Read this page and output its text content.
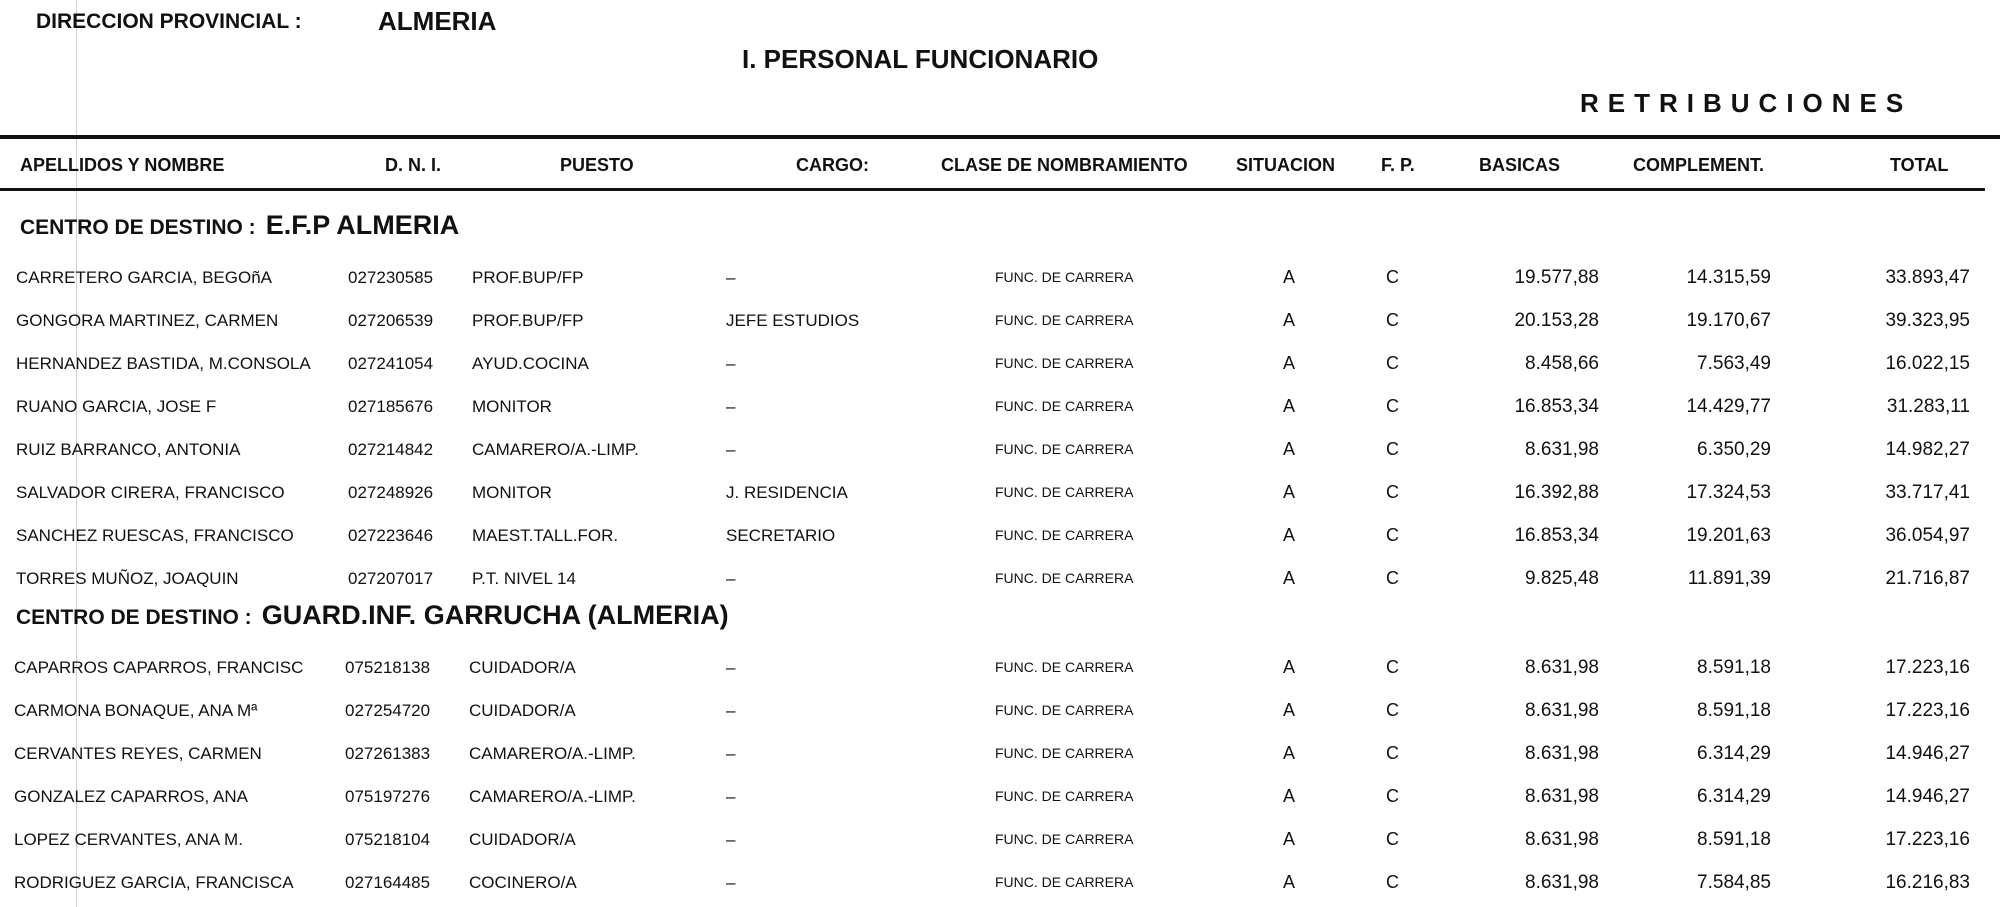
DIRECCION PROVINCIAL :	ALMERIA
I. PERSONAL FUNCIONARIO
RETRIBUCIONES
APELLIDOS Y NOMBRE	D. N. I.	PUESTO	CARGO:	CLASE DE NOMBRAMIENTO	SITUACION	F. P.	BASICAS	COMPLEMENT.	TOTAL
CENTRO DE DESTINO : E.F.P ALMERIA
CARRETERO GARCIA, BEGOñA	027230585 PROF.BUP/FP	–	FUNC. DE CARRERA	A	C	19.577,88	14.315,59	33.893,47
GONGORA MARTINEZ, CARMEN	027206539 PROF.BUP/FP	JEFE ESTUDIOS	FUNC. DE CARRERA	A	C	20.153,28	19.170,67	39.323,95
HERNANDEZ BASTIDA, M.CONSOLA 027241054 AYUD.COCINA	–	FUNC. DE CARRERA	A	C	8.458,66	7.563,49	16.022,15
RUANO GARCIA, JOSE F	027185676 MONITOR	–	FUNC. DE CARRERA	A	C	16.853,34	14.429,77	31.283,11
RUIZ BARRANCO, ANTONIA	027214842 CAMARERO/A.-LIMP.	–	FUNC. DE CARRERA	A	C	8.631,98	6.350,29	14.982,27
SALVADOR CIRERA, FRANCISCO	027248926 MONITOR	J. RESIDENCIA	FUNC. DE CARRERA	A	C	16.392,88	17.324,53	33.717,41
SANCHEZ RUESCAS, FRANCISCO	027223646 MAEST.TALL.FOR.	SECRETARIO	FUNC. DE CARRERA	A	C	16.853,34	19.201,63	36.054,97
TORRES MUÑOZ, JOAQUIN	027207017 P.T. NIVEL 14	–	FUNC. DE CARRERA	A	C	9.825,48	11.891,39	21.716,87
CENTRO DE DESTINO : GUARD.INF. GARRUCHA (ALMERIA)
CAPARROS CAPARROS, FRANCISC 075218138 CUIDADOR/A	–	FUNC. DE CARRERA	A	C	8.631,98	8.591,18	17.223,16
CARMONA BONAQUE, ANA Mª	027254720 CUIDADOR/A	–	FUNC. DE CARRERA	A	C	8.631,98	8.591,18	17.223,16
CERVANTES REYES, CARMEN	027261383 CAMARERO/A.-LIMP.	–	FUNC. DE CARRERA	A	C	8.631,98	6.314,29	14.946,27
GONZALEZ CAPARROS, ANA	075197276 CAMARERO/A.-LIMP.	–	FUNC. DE CARRERA	A	C	8.631,98	6.314,29	14.946,27
LOPEZ CERVANTES, ANA M.	075218104 CUIDADOR/A	–	FUNC. DE CARRERA	A	C	8.631,98	8.591,18	17.223,16
RODRIGUEZ GARCIA, FRANCISCA	027164485 COCINERO/A	–	FUNC. DE CARRERA	A	C	8.631,98	7.584,85	16.216,83
